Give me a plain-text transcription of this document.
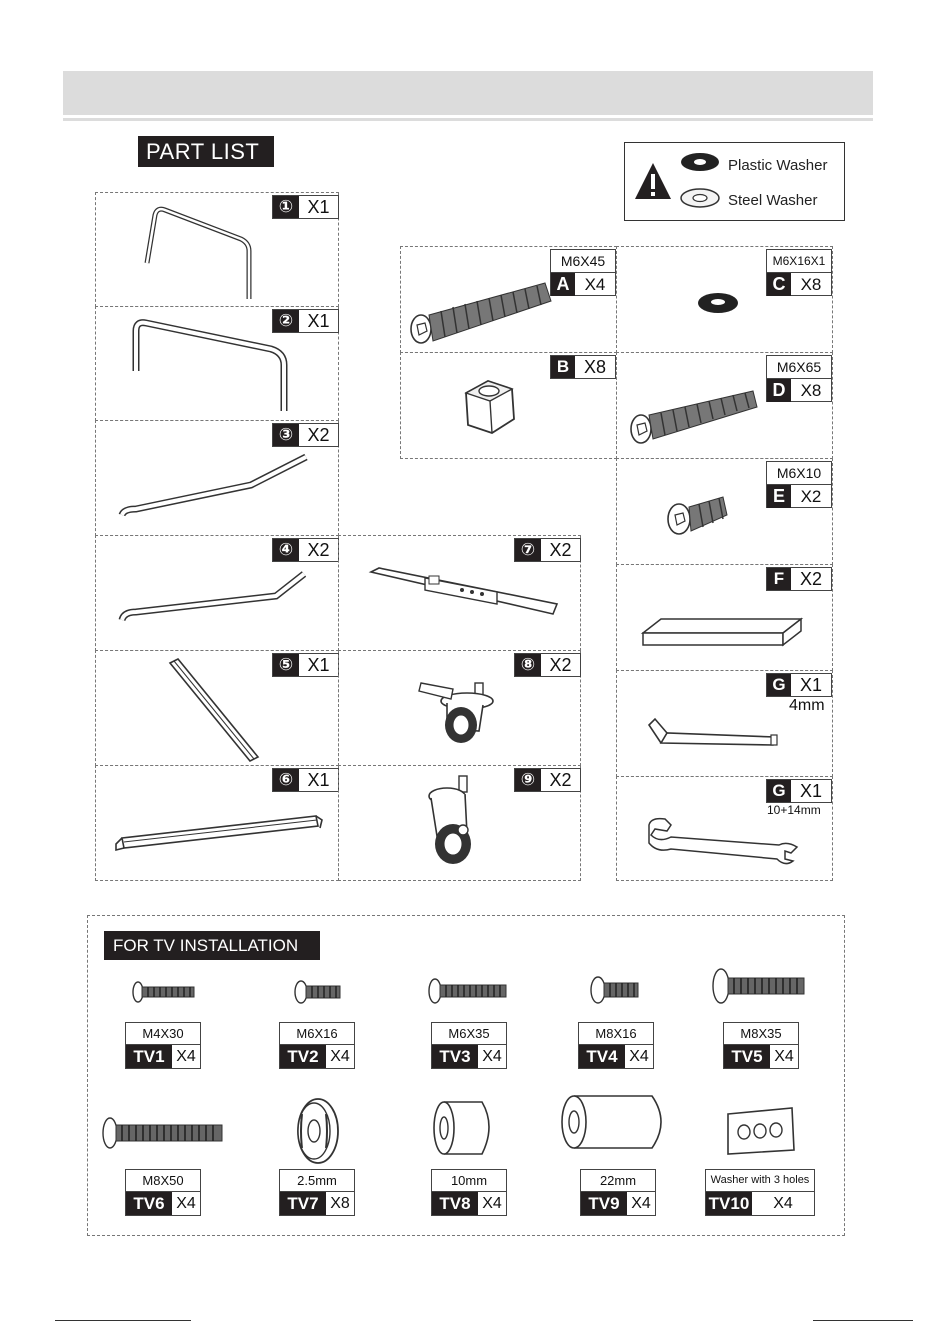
PART LIST
Plastic Washer
Steel Washer
① X1
② X1
③ X2
④ X2
⑤ X1
⑥ X1
⑦ X2
⑧ X2
⑨ X2
M6X45
A X4
B X8
M6X16X1
C X8
M6X65
D X8
M6X10
E X2
F X2
G X1
4mm
G X1
10+14mm
FOR TV INSTALLATION
M4X30
TV1 X4
M6X16
TV2 X4
M6X35
TV3 X4
M8X16
TV4 X4
M8X35
TV5 X4
M8X50
TV6 X4
2.5mm
TV7 X8
10mm
TV8 X4
22mm
TV9 X4
Washer with 3 holes
TV10	X4
